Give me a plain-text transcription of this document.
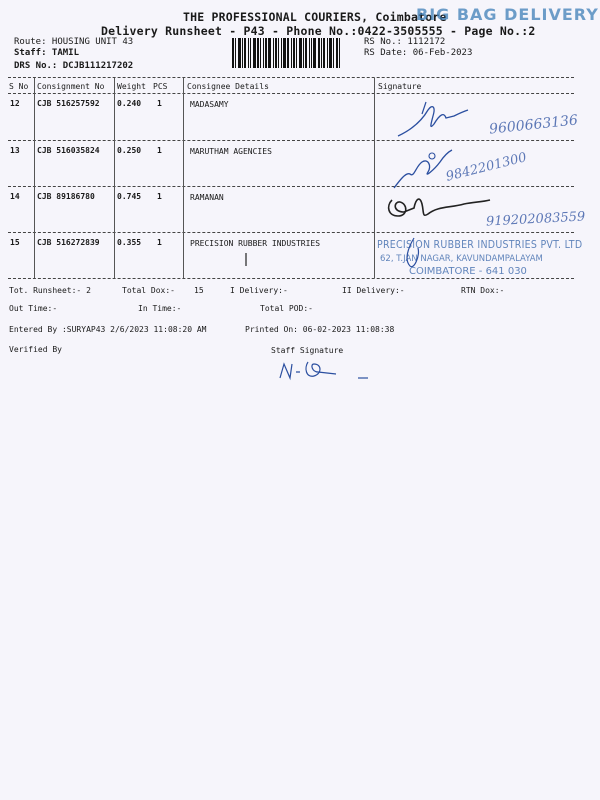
THE PROFESSIONAL COURIERS, Coimbatore
BIG BAG DELIVERY
Delivery Runsheet - P43 - Phone No.:0422-3505555 - Page No.:2
Route: HOUSING UNIT 43
Staff: TAMIL
DRS No.: DCJB111217202
RS No.: 1112172
RS Date: 06-Feb-2023
S No Consignment No Weight PCS Consignee Details	Signature
12 CJB 516257592 0.240 1	MADASAMY
13 CJB 516035824 0.250 1	MARUTHAM AGENCIES
14 CJB 89186780	0.745 1	RAMANAN
15 CJB 516272839 0.355 1	PRECISION RUBBER INDUSTRIES
9600663136
9842201300
919202083559
PRECISION RUBBER INDUSTRIES PVT. LTD
62, T.JAN NAGAR, KAVUNDAMPALAYAM
COIMBATORE - 641 030
Tot. Runsheet:- 2	Total Dox:- 15	I Delivery:-	II Delivery:-	RTN Dox:-
Out Time:-	In Time:-	Total POD:-
Entered By :SURYAP43 2/6/2023 11:08:20 AM	Printed On: 06-02-2023 11:08:38
Verified By	Staff Signature
